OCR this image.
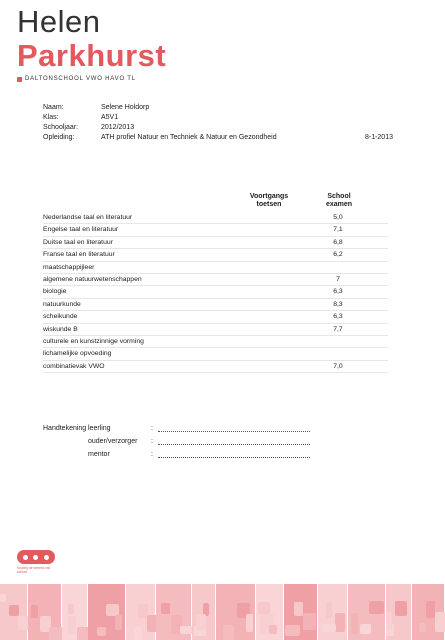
Helen
Parkhurst
DALTONSCHOOL VWO HAVO TL
Naam:	Selene Holdorp
Klas:	A5V1
Schooljaar:	2012/2013
Opleiding:	ATH profiel Natuur en Techniek & Natuur en Gezondheid	8-1-2013
Voortgangs
toetsen
School
examen
Nederlandse taal en literatuur	5,0
Engelse taal en literatuur	7,1
Duitse taal en literatuur	6,8
Franse taal en literatuur	6,2
maatschappijleer
algemene natuurwetenschappen	7
biologie	6,3
natuurkunde	8,3
scheikunde	6,3
wiskunde B	7,7
culturele en kunstzinnige vorming
lichamelijke opvoeding
combinatievak VWO	7,0
Handtekening leerling	:
ouder/verzorger :
mentor	:
Voorbij de wereld van school
